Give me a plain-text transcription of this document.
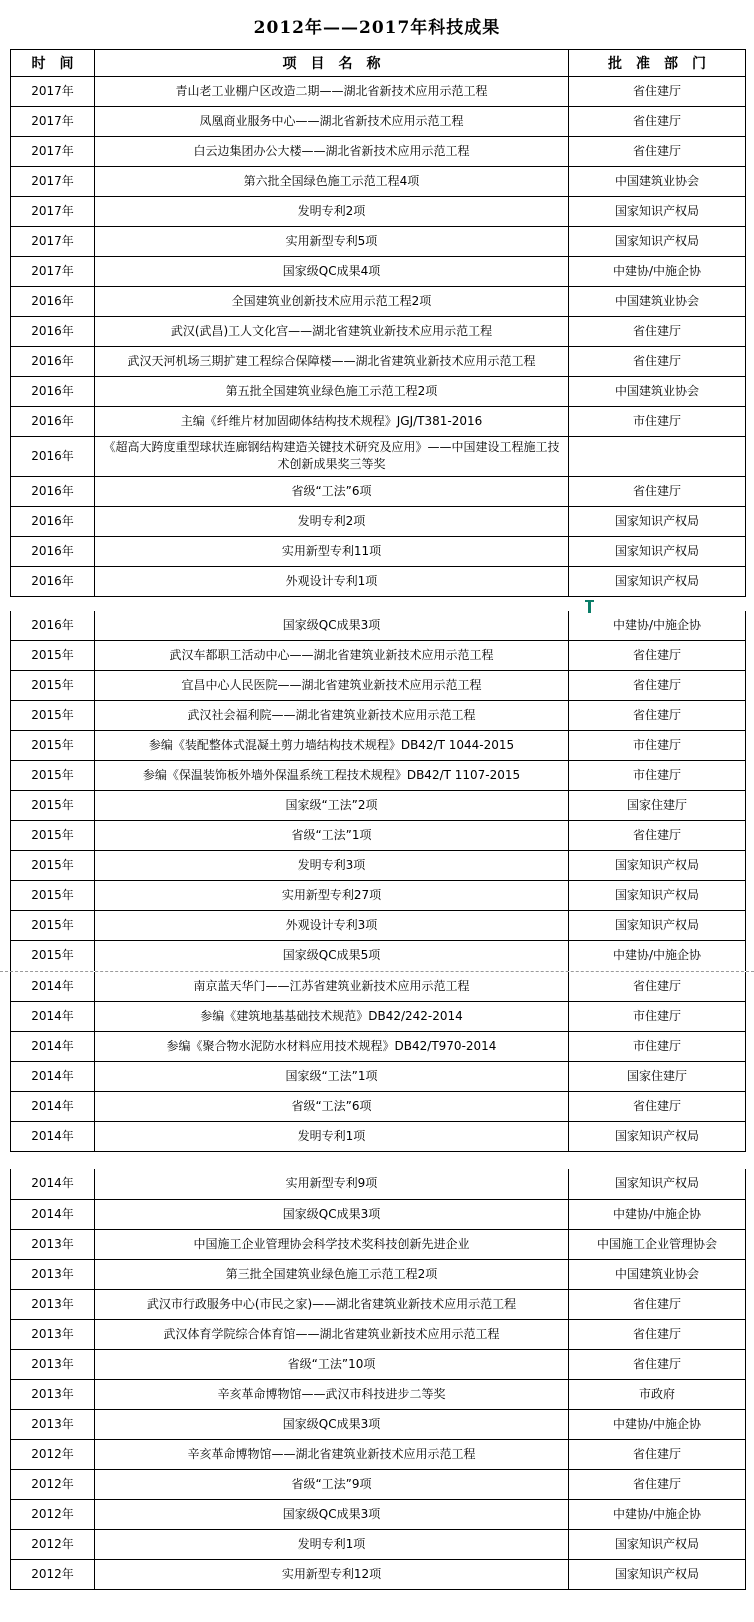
2012年——2017年科技成果
时　间	项　目　名　称	批　准　部　门
2017年	青山老工业棚户区改造二期——湖北省新技术应用示范工程	省住建厅
2017年	凤凰商业服务中心——湖北省新技术应用示范工程	省住建厅
2017年	白云边集团办公大楼——湖北省新技术应用示范工程	省住建厅
2017年	第六批全国绿色施工示范工程4项	中国建筑业协会
2017年	发明专利2项	国家知识产权局
2017年	实用新型专利5项	国家知识产权局
2017年	国家级QC成果4项	中建协/中施企协
2016年	全国建筑业创新技术应用示范工程2项	中国建筑业协会
2016年	武汉(武昌)工人文化宫——湖北省建筑业新技术应用示范工程	省住建厅
2016年	武汉天河机场三期扩建工程综合保障楼——湖北省建筑业新技术应用示范工程	省住建厅
2016年	第五批全国建筑业绿色施工示范工程2项	中国建筑业协会
2016年	主编《纤维片材加固砌体结构技术规程》JGJ/T381-2016	市住建厅
2016年	《超高大跨度重型球状连廊钢结构建造关键技术研究及应用》——中国建设工程施工技术创新成果奖三等奖	
2016年	省级“工法”6项	省住建厅
2016年	发明专利2项	国家知识产权局
2016年	实用新型专利11项	国家知识产权局
2016年	外观设计专利1项	国家知识产权局
2016年	国家级QC成果3项	中建协/中施企协
2015年	武汉车都职工活动中心——湖北省建筑业新技术应用示范工程	省住建厅
2015年	宜昌中心人民医院——湖北省建筑业新技术应用示范工程	省住建厅
2015年	武汉社会福利院——湖北省建筑业新技术应用示范工程	省住建厅
2015年	参编《装配整体式混凝土剪力墙结构技术规程》DB42/T 1044-2015	市住建厅
2015年	参编《保温装饰板外墙外保温系统工程技术规程》DB42/T 1107-2015	市住建厅
2015年	国家级“工法”2项	国家住建厅
2015年	省级“工法”1项	省住建厅
2015年	发明专利3项	国家知识产权局
2015年	实用新型专利27项	国家知识产权局
2015年	外观设计专利3项	国家知识产权局
2015年	国家级QC成果5项	中建协/中施企协
2014年	南京蓝天华门——江苏省建筑业新技术应用示范工程	省住建厅
2014年	参编《建筑地基基础技术规范》DB42/242-2014	市住建厅
2014年	参编《聚合物水泥防水材料应用技术规程》DB42/T970-2014	市住建厅
2014年	国家级“工法”1项	国家住建厅
2014年	省级“工法”6项	省住建厅
2014年	发明专利1项	国家知识产权局
2014年	实用新型专利9项	国家知识产权局
2014年	国家级QC成果3项	中建协/中施企协
2013年	中国施工企业管理协会科学技术奖科技创新先进企业	中国施工企业管理协会
2013年	第三批全国建筑业绿色施工示范工程2项	中国建筑业协会
2013年	武汉市行政服务中心(市民之家)——湖北省建筑业新技术应用示范工程	省住建厅
2013年	武汉体育学院综合体育馆——湖北省建筑业新技术应用示范工程	省住建厅
2013年	省级“工法”10项	省住建厅
2013年	辛亥革命博物馆——武汉市科技进步二等奖	市政府
2013年	国家级QC成果3项	中建协/中施企协
2012年	辛亥革命博物馆——湖北省建筑业新技术应用示范工程	省住建厅
2012年	省级“工法”9项	省住建厅
2012年	国家级QC成果3项	中建协/中施企协
2012年	发明专利1项	国家知识产权局
2012年	实用新型专利12项	国家知识产权局
